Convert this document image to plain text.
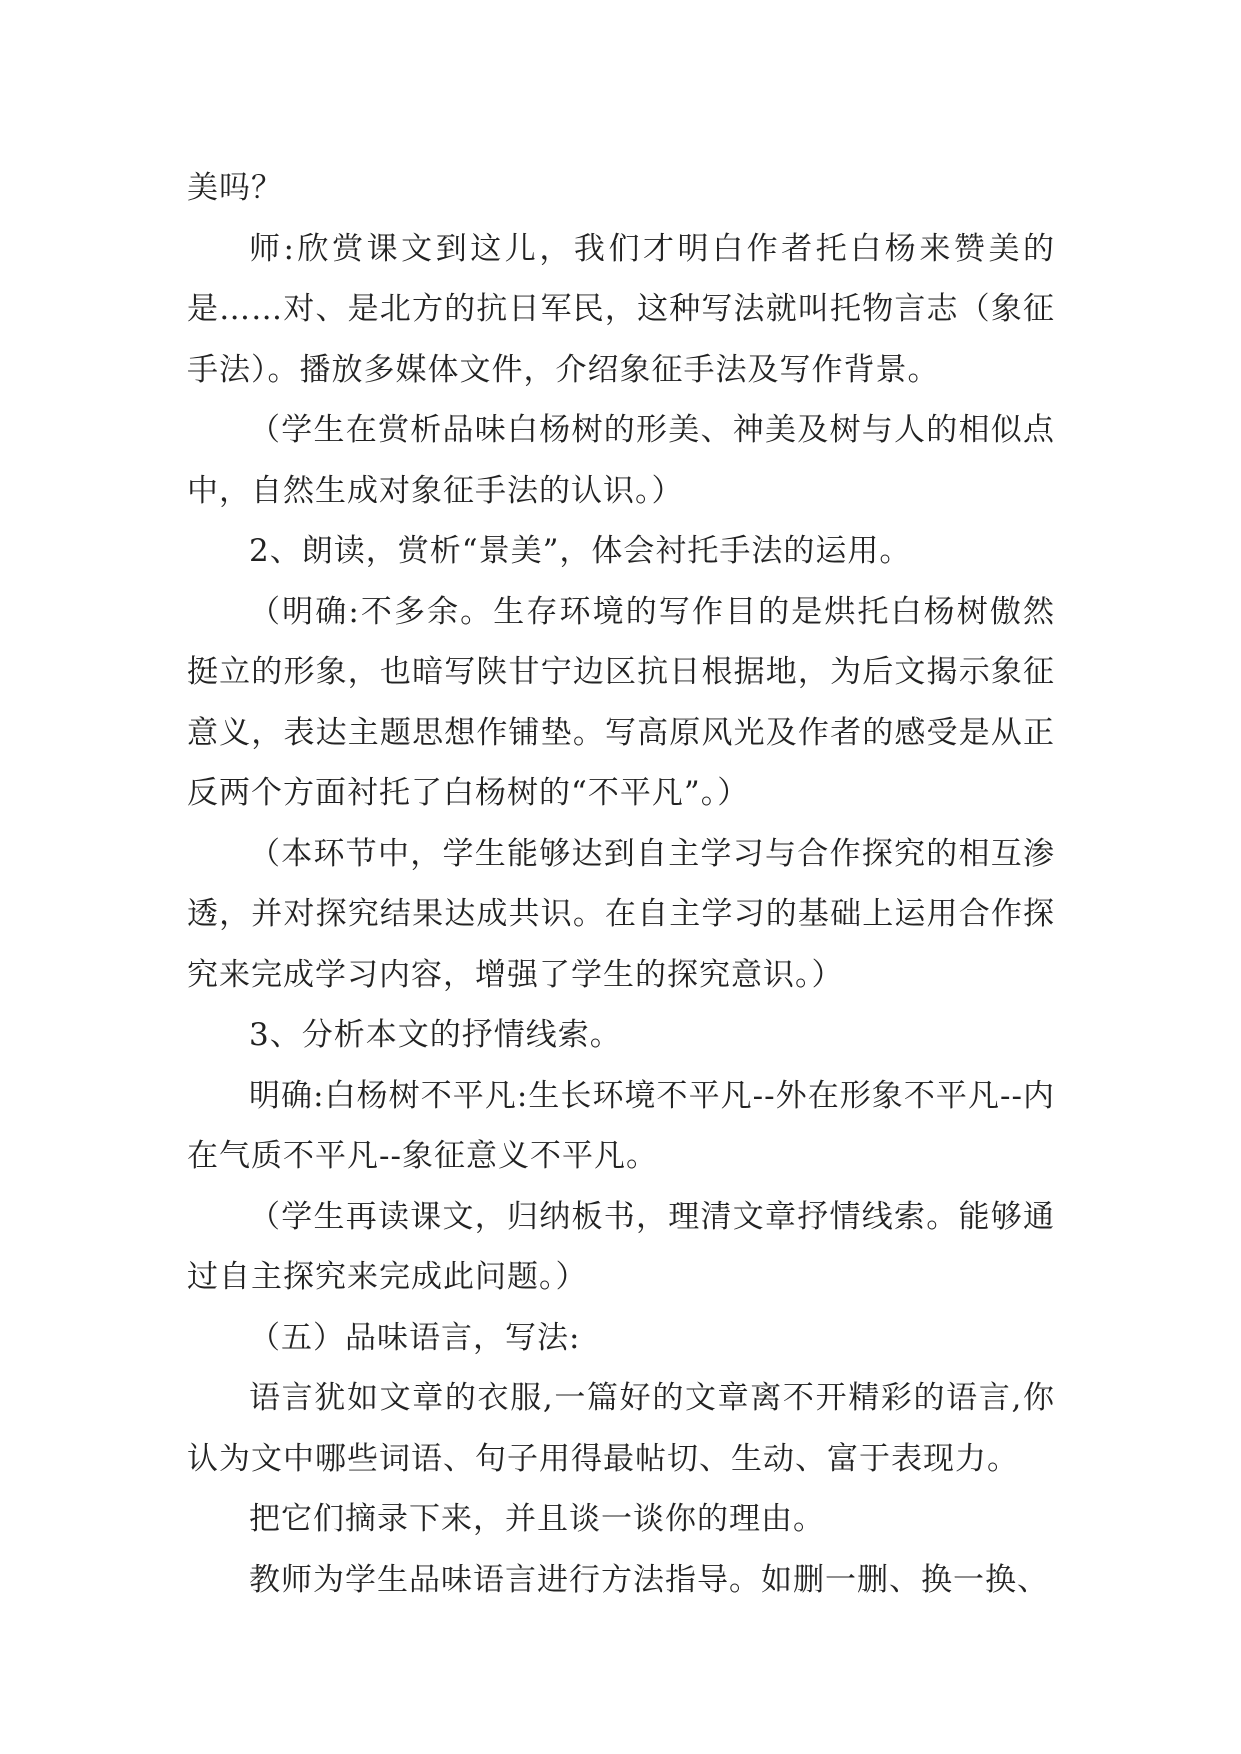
美吗？

师:欣赏课文到这儿，我们才明白作者托白杨来赞美的是……对、是北方的抗日军民，这种写法就叫托物言志（象征手法）。播放多媒体文件，介绍象征手法及写作背景。

（学生在赏析品味白杨树的形美、神美及树与人的相似点中，自然生成对象征手法的认识。）

2、朗读，赏析“景美”，体会衬托手法的运用。

（明确:不多余。生存环境的写作目的是烘托白杨树傲然挺立的形象，也暗写陕甘宁边区抗日根据地，为后文揭示象征意义，表达主题思想作铺垫。写高原风光及作者的感受是从正反两个方面衬托了白杨树的“不平凡”。）

（本环节中，学生能够达到自主学习与合作探究的相互渗透，并对探究结果达成共识。在自主学习的基础上运用合作探究来完成学习内容，增强了学生的探究意识。）

3、分析本文的抒情线索。

明确:白杨树不平凡:生长环境不平凡--外在形象不平凡--内在气质不平凡--象征意义不平凡。

（学生再读课文，归纳板书，理清文章抒情线索。能够通过自主探究来完成此问题。）

（五）品味语言，写法:

语言犹如文章的衣服,一篇好的文章离不开精彩的语言,你认为文中哪些词语、句子用得最帖切、生动、富于表现力。

把它们摘录下来，并且谈一谈你的理由。

教师为学生品味语言进行方法指导。如删一删、换一换、
